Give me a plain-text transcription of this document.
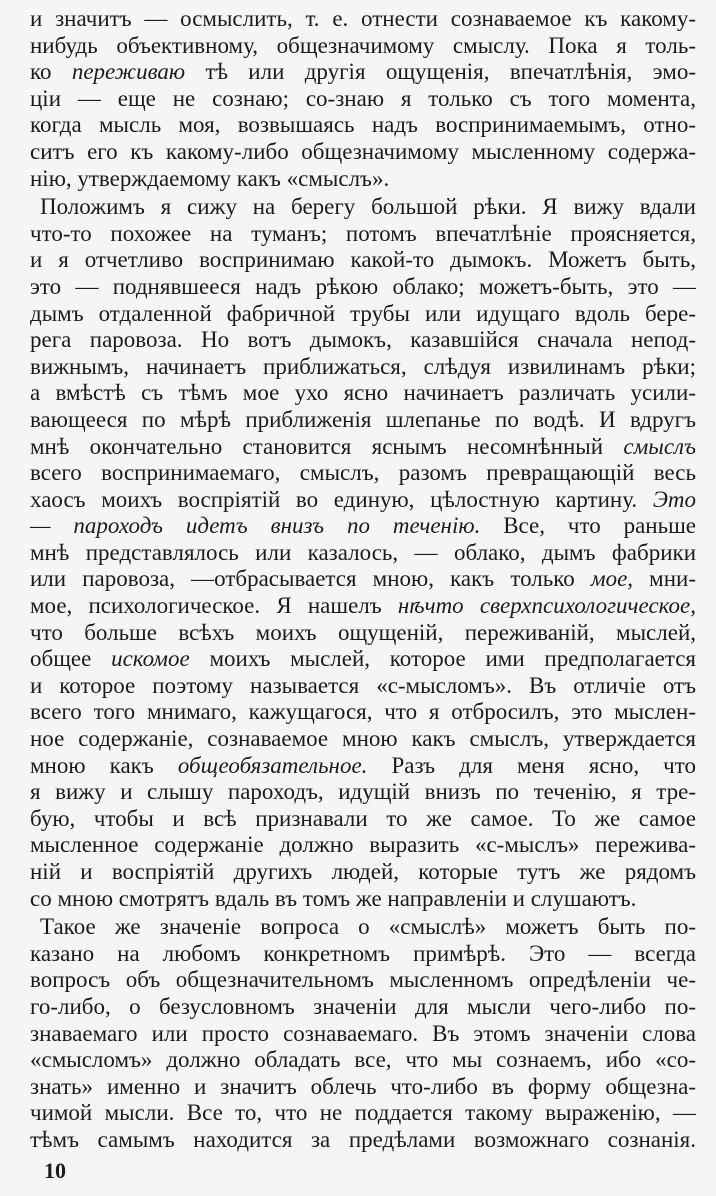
и значитъ — осмыслить, т. е. отнести сознаваемое къ какому-
нибудь объективному, общезначимому смыслу. Пока я толь-
ко переживаю тѣ или другія ощущенія, впечатлѣнія, эмо-
ціи — еще не сознаю; со-знаю я только съ того момента,
когда мысль моя, возвышаясь надъ воспринимаемымъ, отно-
ситъ его къ какому-либо общезначимому мысленному содержа-
нію, утверждаемому какъ «смыслъ».
Положимъ я сижу на берегу большой рѣки. Я вижу вдали
что-то похожее на туманъ; потомъ впечатлѣніе проясняется,
и я отчетливо воспринимаю какой-то дымокъ. Можетъ быть,
это — поднявшееся надъ рѣкою облако; можетъ-быть, это —
дымъ отдаленной фабричной трубы или идущаго вдоль бере-
рега паровоза. Но вотъ дымокъ, казавшійся сначала непод-
вижнымъ, начинаетъ приближаться, слѣдуя извилинамъ рѣки;
а вмѣстѣ съ тѣмъ мое ухо ясно начинаетъ различать усили-
вающееся по мѣрѣ приближенія шлепанье по водѣ. И вдругъ
мнѣ окончательно становится яснымъ несомнѣнный смыслъ
всего воспринимаемаго, смыслъ, разомъ превращающій весь
хаосъ моихъ воспріятій во единую, цѣлостную картину. Это
— пароходъ идетъ внизъ по теченію. Все, что раньше
мнѣ представлялось или казалось, — облако, дымъ фабрики
или паровоза, —отбрасывается мною, какъ только мое, мни-
мое, психологическое. Я нашелъ нѣчто сверхпсихологическое,
что больше всѣхъ моихъ ощущеній, переживаній, мыслей,
общее искомое моихъ мыслей, которое ими предполагается
и которое поэтому называется «с-мысломъ». Въ отличіе отъ
всего того мнимаго, кажущагося, что я отбросилъ, это мыслен-
ное содержаніе, сознаваемое мною какъ смыслъ, утверждается
мною какъ общеобязательное. Разъ для меня ясно, что
я вижу и слышу пароходъ, идущій внизъ по теченію, я тре-
бую, чтобы и всѣ признавали то же самое. То же самое
мысленное содержаніе должно выразить «с-мыслъ» пережива-
ній и воспріятій другихъ людей, которые тутъ же рядомъ
со мною смотрятъ вдаль въ томъ же направленіи и слушаютъ.
Такое же значеніе вопроса о «смыслѣ» можетъ быть по-
казано на любомъ конкретномъ примѣрѣ. Это — всегда
вопросъ объ общезначительномъ мысленномъ опредѣленіи че-
го-либо, о безусловномъ значеніи для мысли чего-либо по-
знаваемаго или просто сознаваемаго. Въ этомъ значеніи слова
«смысломъ» должно обладать все, что мы сознаемъ, ибо «со-
знать» именно и значитъ облечь что-либо въ форму общезна-
чимой мысли. Все то, что не поддается такому выраженію, —
тѣмъ самымъ находится за предѣлами возможнаго сознанія.
10
